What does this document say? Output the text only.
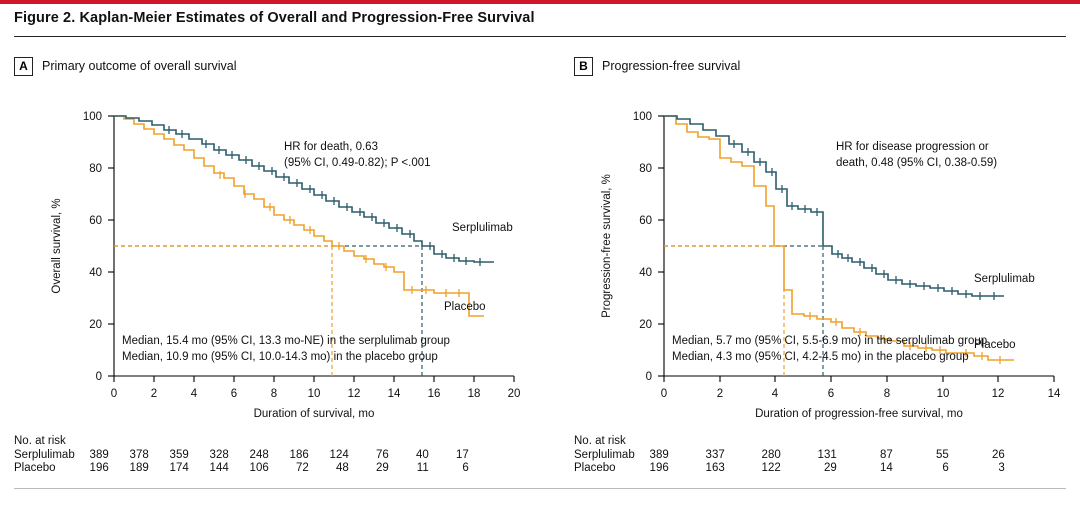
Figure 2. Kaplan-Meier Estimates of Overall and Progression-Free Survival
A	Primary outcome of overall survival
0
20
40
60
80
100
Overall survival, %
0	2	4	6	8	10 12 14 16 18 20
Duration of survival, mo
Serplulimab
Placebo
HR for death, 0.63
(95% CI, 0.49-0.82); P <.001
Median, 15.4 mo (95% CI, 13.3 mo-NE) in the serplulimab group
Median, 10.9 mo (95% CI, 10.0-14.3 mo) in the placebo group
B	Progression-free survival
0
20
40
60
80
100
Progression-free survival, %
0	2	4	6	8	10	12	14
Duration of progression-free survival, mo
Serplulimab
Placebo
HR for disease progression or
death, 0.48 (95% CI, 0.38-0.59)
Median, 5.7 mo (95% CI, 5.5-6.9 mo) in the serplulimab group
Median, 4.3 mo (95% CI, 4.2-4.5 mo) in the placebo group
No. at risk
Serplulimab	389	378	359	328	248	186	124	76	40	17
Placebo	196	189	174	144	106	72	48	29	11	6
No. at risk
Serplulimab	389	337	280	131	87	55	26
Placebo	196	163	122	29	14	6	3
